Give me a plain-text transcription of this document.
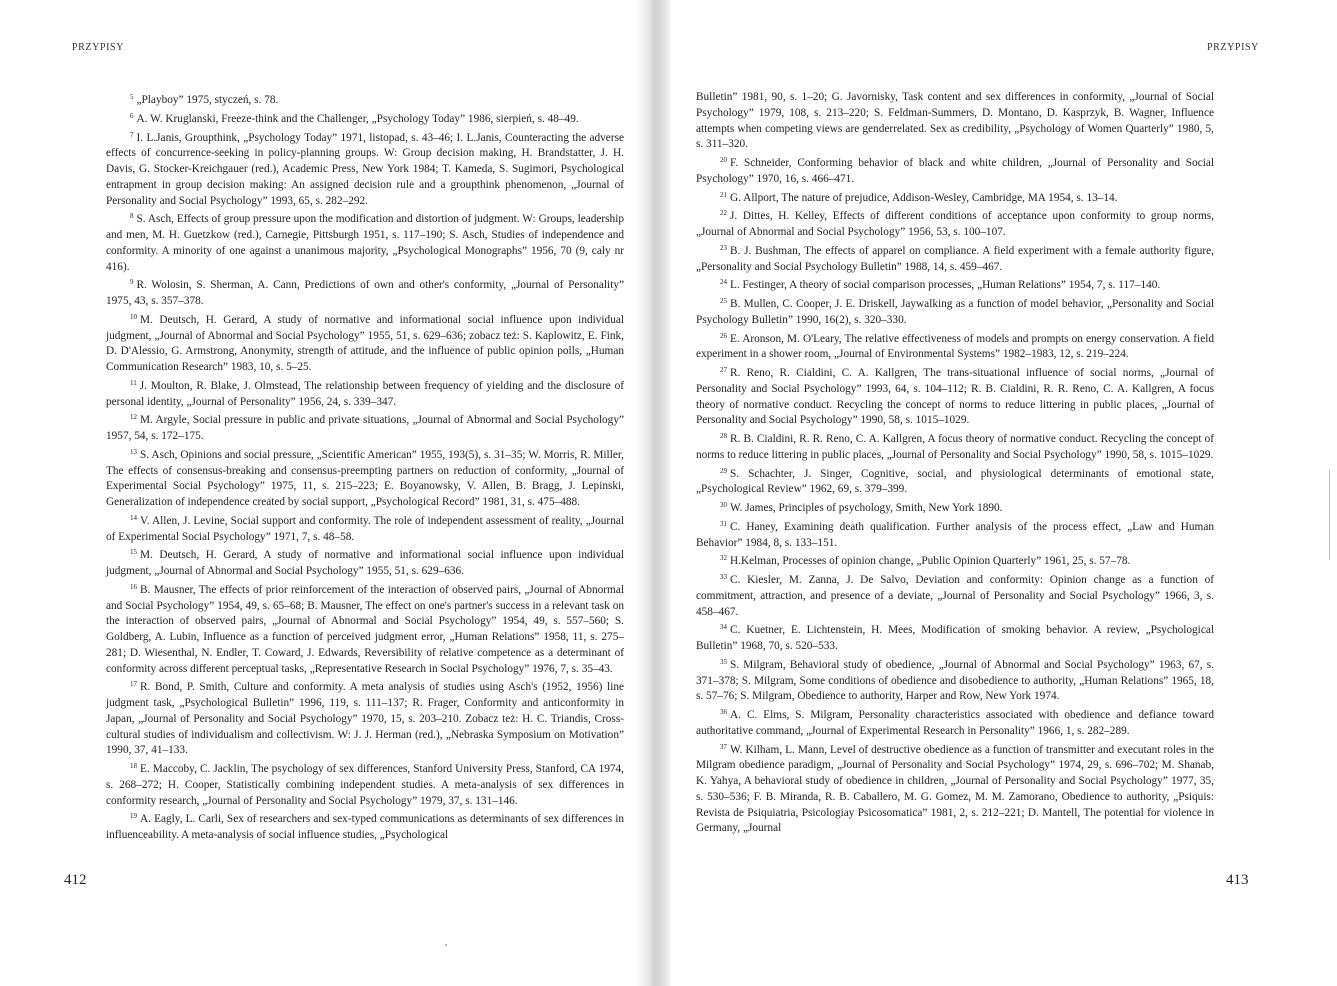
PRZYPISY

$^5$ „Playboy” 1975, styczeń, s. 78.

$^6$ A. W. Kruglanski, Freeze-think and the Challenger, „Psychology Today” 1986, sierpień, s. 48–49.

$^7$ I. L.Janis, Groupthink, „Psychology Today” 1971, listopad, s. 43–46; I. L.Janis, Counteracting the adverse effects of concurrence-seeking in policy-planning groups. W: Group decision making, H. Brandstatter, J. H. Davis, G. Stocker-Kreichgauer (red.), Academic Press, New York 1984; T. Kameda, S. Sugimori, Psychological entrapment in group decision making: An assigned decision rule and a groupthink phenomenon, „Journal of Personality and Social Psychology” 1993, 65, s. 282–292.

$^8$ S. Asch, Effects of group pressure upon the modification and distortion of judgment. W: Groups, leadership and men, M. H. Guetzkow (red.), Carnegie, Pittsburgh 1951, s. 117–190; S. Asch, Studies of independence and conformity. A minority of one against a unanimous majority, „Psychological Monographs” 1956, 70 (9, cały nr 416).

$^9$ R. Wolosin, S. Sherman, A. Cann, Predictions of own and other's conformity, „Journal of Personality” 1975, 43, s. 357–378.

$^{10}$ M. Deutsch, H. Gerard, A study of normative and informational social influence upon individual judgment, „Journal of Abnormal and Social Psychology” 1955, 51, s. 629–636; zobacz też: S. Kaplowitz, E. Fink, D. D'Alessio, G. Armstrong, Anonymity, strength of attitude, and the influence of public opinion polls, „Human Communication Research” 1983, 10, s. 5–25.

$^{11}$ J. Moulton, R. Blake, J. Olmstead, The relationship between frequency of yielding and the disclosure of personal identity, „Journal of Personality” 1956, 24, s. 339–347.

$^{12}$ M. Argyle, Social pressure in public and private situations, „Journal of Abnormal and Social Psychology” 1957, 54, s. 172–175.

$^{13}$ S. Asch, Opinions and social pressure, „Scientific American” 1955, 193(5), s. 31–35; W. Morris, R. Miller, The effects of consensus-breaking and consensus-preempting partners on reduction of conformity, „Journal of Experimental Social Psychology” 1975, 11, s. 215–223; E. Boyanowsky, V. Allen, B. Bragg, J. Lepinski, Generalization of independence created by social support, „Psychological Record” 1981, 31, s. 475–488.

$^{14}$ V. Allen, J. Levine, Social support and conformity. The role of independent assessment of reality, „Journal of Experimental Social Psychology” 1971, 7, s. 48–58.

$^{15}$ M. Deutsch, H. Gerard, A study of normative and informational social influence upon individual judgment, „Journal of Abnormal and Social Psychology” 1955, 51, s. 629–636.

$^{16}$ B. Mausner, The effects of prior reinforcement of the interaction of observed pairs, „Journal of Abnormal and Social Psychology” 1954, 49, s. 65–68; B. Mausner, The effect on one's partner's success in a relevant task on the interaction of observed pairs, „Journal of Abnormal and Social Psychology” 1954, 49, s. 557–560; S. Goldberg, A. Lubin, Influence as a function of perceived judgment error, „Human Relations” 1958, 11, s. 275–281; D. Wiesenthal, N. Endler, T. Coward, J. Edwards, Reversibility of relative competence as a determinant of conformity across different perceptual tasks, „Representative Research in Social Psychology” 1976, 7, s. 35–43.

$^{17}$ R. Bond, P. Smith, Culture and conformity. A meta analysis of studies using Asch's (1952, 1956) line judgment task, „Psychological Bulletin” 1996, 119, s. 111–137; R. Frager, Conformity and anticonformity in Japan, „Journal of Personality and Social Psychology” 1970, 15, s. 203–210. Zobacz też: H. C. Triandis, Cross-cultural studies of individualism and collectivism. W: J. J. Herman (red.), „Nebraska Symposium on Motivation” 1990, 37, 41–133.

$^{18}$ E. Maccoby, C. Jacklin, The psychology of sex differences, Stanford University Press, Stanford, CA 1974, s. 268–272; H. Cooper, Statistically combining independent studies. A meta-analysis of sex differences in conformity research, „Journal of Personality and Social Psychology” 1979, 37, s. 131–146.

$^{19}$ A. Eagly, L. Carli, Sex of researchers and sex-typed communications as determinants of sex differences in influenceability. A meta-analysis of social influence studies, „Psychological

412
PRZYPISY

Bulletin” 1981, 90, s. 1–20; G. Javornisky, Task content and sex differences in conformity, „Journal of Social Psychology” 1979, 108, s. 213–220; S. Feldman-Summers, D. Montano, D. Kasprzyk, B. Wagner, Influence attempts when competing views are genderrelated. Sex as credibility, „Psychology of Women Quarterly” 1980, 5, s. 311–320.

$^{20}$ F. Schneider, Conforming behavior of black and white children, „Journal of Personality and Social Psychology” 1970, 16, s. 466–471.

$^{21}$ G. Allport, The nature of prejudice, Addison-Wesley, Cambridge, MA 1954, s. 13–14.

$^{22}$ J. Dittes, H. Kelley, Effects of different conditions of acceptance upon conformity to group norms, „Journal of Abnormal and Social Psychology” 1956, 53, s. 100–107.

$^{23}$ B. J. Bushman, The effects of apparel on compliance. A field experiment with a female authority figure, „Personality and Social Psychology Bulletin” 1988, 14, s. 459–467.

$^{24}$ L. Festinger, A theory of social comparison processes, „Human Relations” 1954, 7, s. 117–140.

$^{25}$ B. Mullen, C. Cooper, J. E. Driskell, Jaywalking as a function of model behavior, „Personality and Social Psychology Bulletin” 1990, 16(2), s. 320–330.

$^{26}$ E. Aronson, M. O'Leary, The relative effectiveness of models and prompts on energy conservation. A field experiment in a shower room, „Journal of Environmental Systems” 1982–1983, 12, s. 219–224.

$^{27}$ R. Reno, R. Cialdini, C. A. Kallgren, The trans-situational influence of social norms, „Journal of Personality and Social Psychology” 1993, 64, s. 104–112; R. B. Cialdini, R. R. Reno, C. A. Kallgren, A focus theory of normative conduct. Recycling the concept of norms to reduce littering in public places, „Journal of Personality and Social Psychology” 1990, 58, s. 1015–1029.

$^{28}$ R. B. Cialdini, R. R. Reno, C. A. Kallgren, A focus theory of normative conduct. Recycling the concept of norms to reduce littering in public places, „Journal of Personality and Social Psychology” 1990, 58, s. 1015–1029.

$^{29}$ S. Schachter, J. Singer, Cognitive, social, and physiological determinants of emotional state, „Psychological Review” 1962, 69, s. 379–399.

$^{30}$ W. James, Principles of psychology, Smith, New York 1890.

$^{31}$ C. Haney, Examining death qualification. Further analysis of the process effect, „Law and Human Behavior” 1984, 8, s. 133–151.

$^{32}$ H.Kelman, Processes of opinion change, „Public Opinion Quarterly” 1961, 25, s. 57–78.

$^{33}$ C. Kiesler, M. Zanna, J. De Salvo, Deviation and conformity: Opinion change as a function of commitment, attraction, and presence of a deviate, „Journal of Personality and Social Psychology” 1966, 3, s. 458–467.

$^{34}$ C. Kuetner, E. Lichtenstein, H. Mees, Modification of smoking behavior. A review, „Psychological Bulletin” 1968, 70, s. 520–533.

$^{35}$ S. Milgram, Behavioral study of obedience, „Journal of Abnormal and Social Psychology” 1963, 67, s. 371–378; S. Milgram, Some conditions of obedience and disobedience to authority, „Human Relations” 1965, 18, s. 57–76; S. Milgram, Obedience to authority, Harper and Row, New York 1974.

$^{36}$ A. C. Elms, S. Milgram, Personality characteristics associated with obedience and defiance toward authoritative command, „Journal of Experimental Research in Personality” 1966, 1, s. 282–289.

$^{37}$ W. Kilham, L. Mann, Level of destructive obedience as a function of transmitter and executant roles in the Milgram obedience paradigm, „Journal of Personality and Social Psychology” 1974, 29, s. 696–702; M. Shanab, K. Yahya, A behavioral study of obedience in children, „Journal of Personality and Social Psychology” 1977, 35, s. 530–536; F. B. Miranda, R. B. Caballero, M. G. Gomez, M. M. Zamorano, Obedience to authority, „Psiquis: Revista de Psiquiatria, Psicologiay Psicosomatica” 1981, 2, s. 212–221; D. Mantell, The potential for violence in Germany, „Journal

413
